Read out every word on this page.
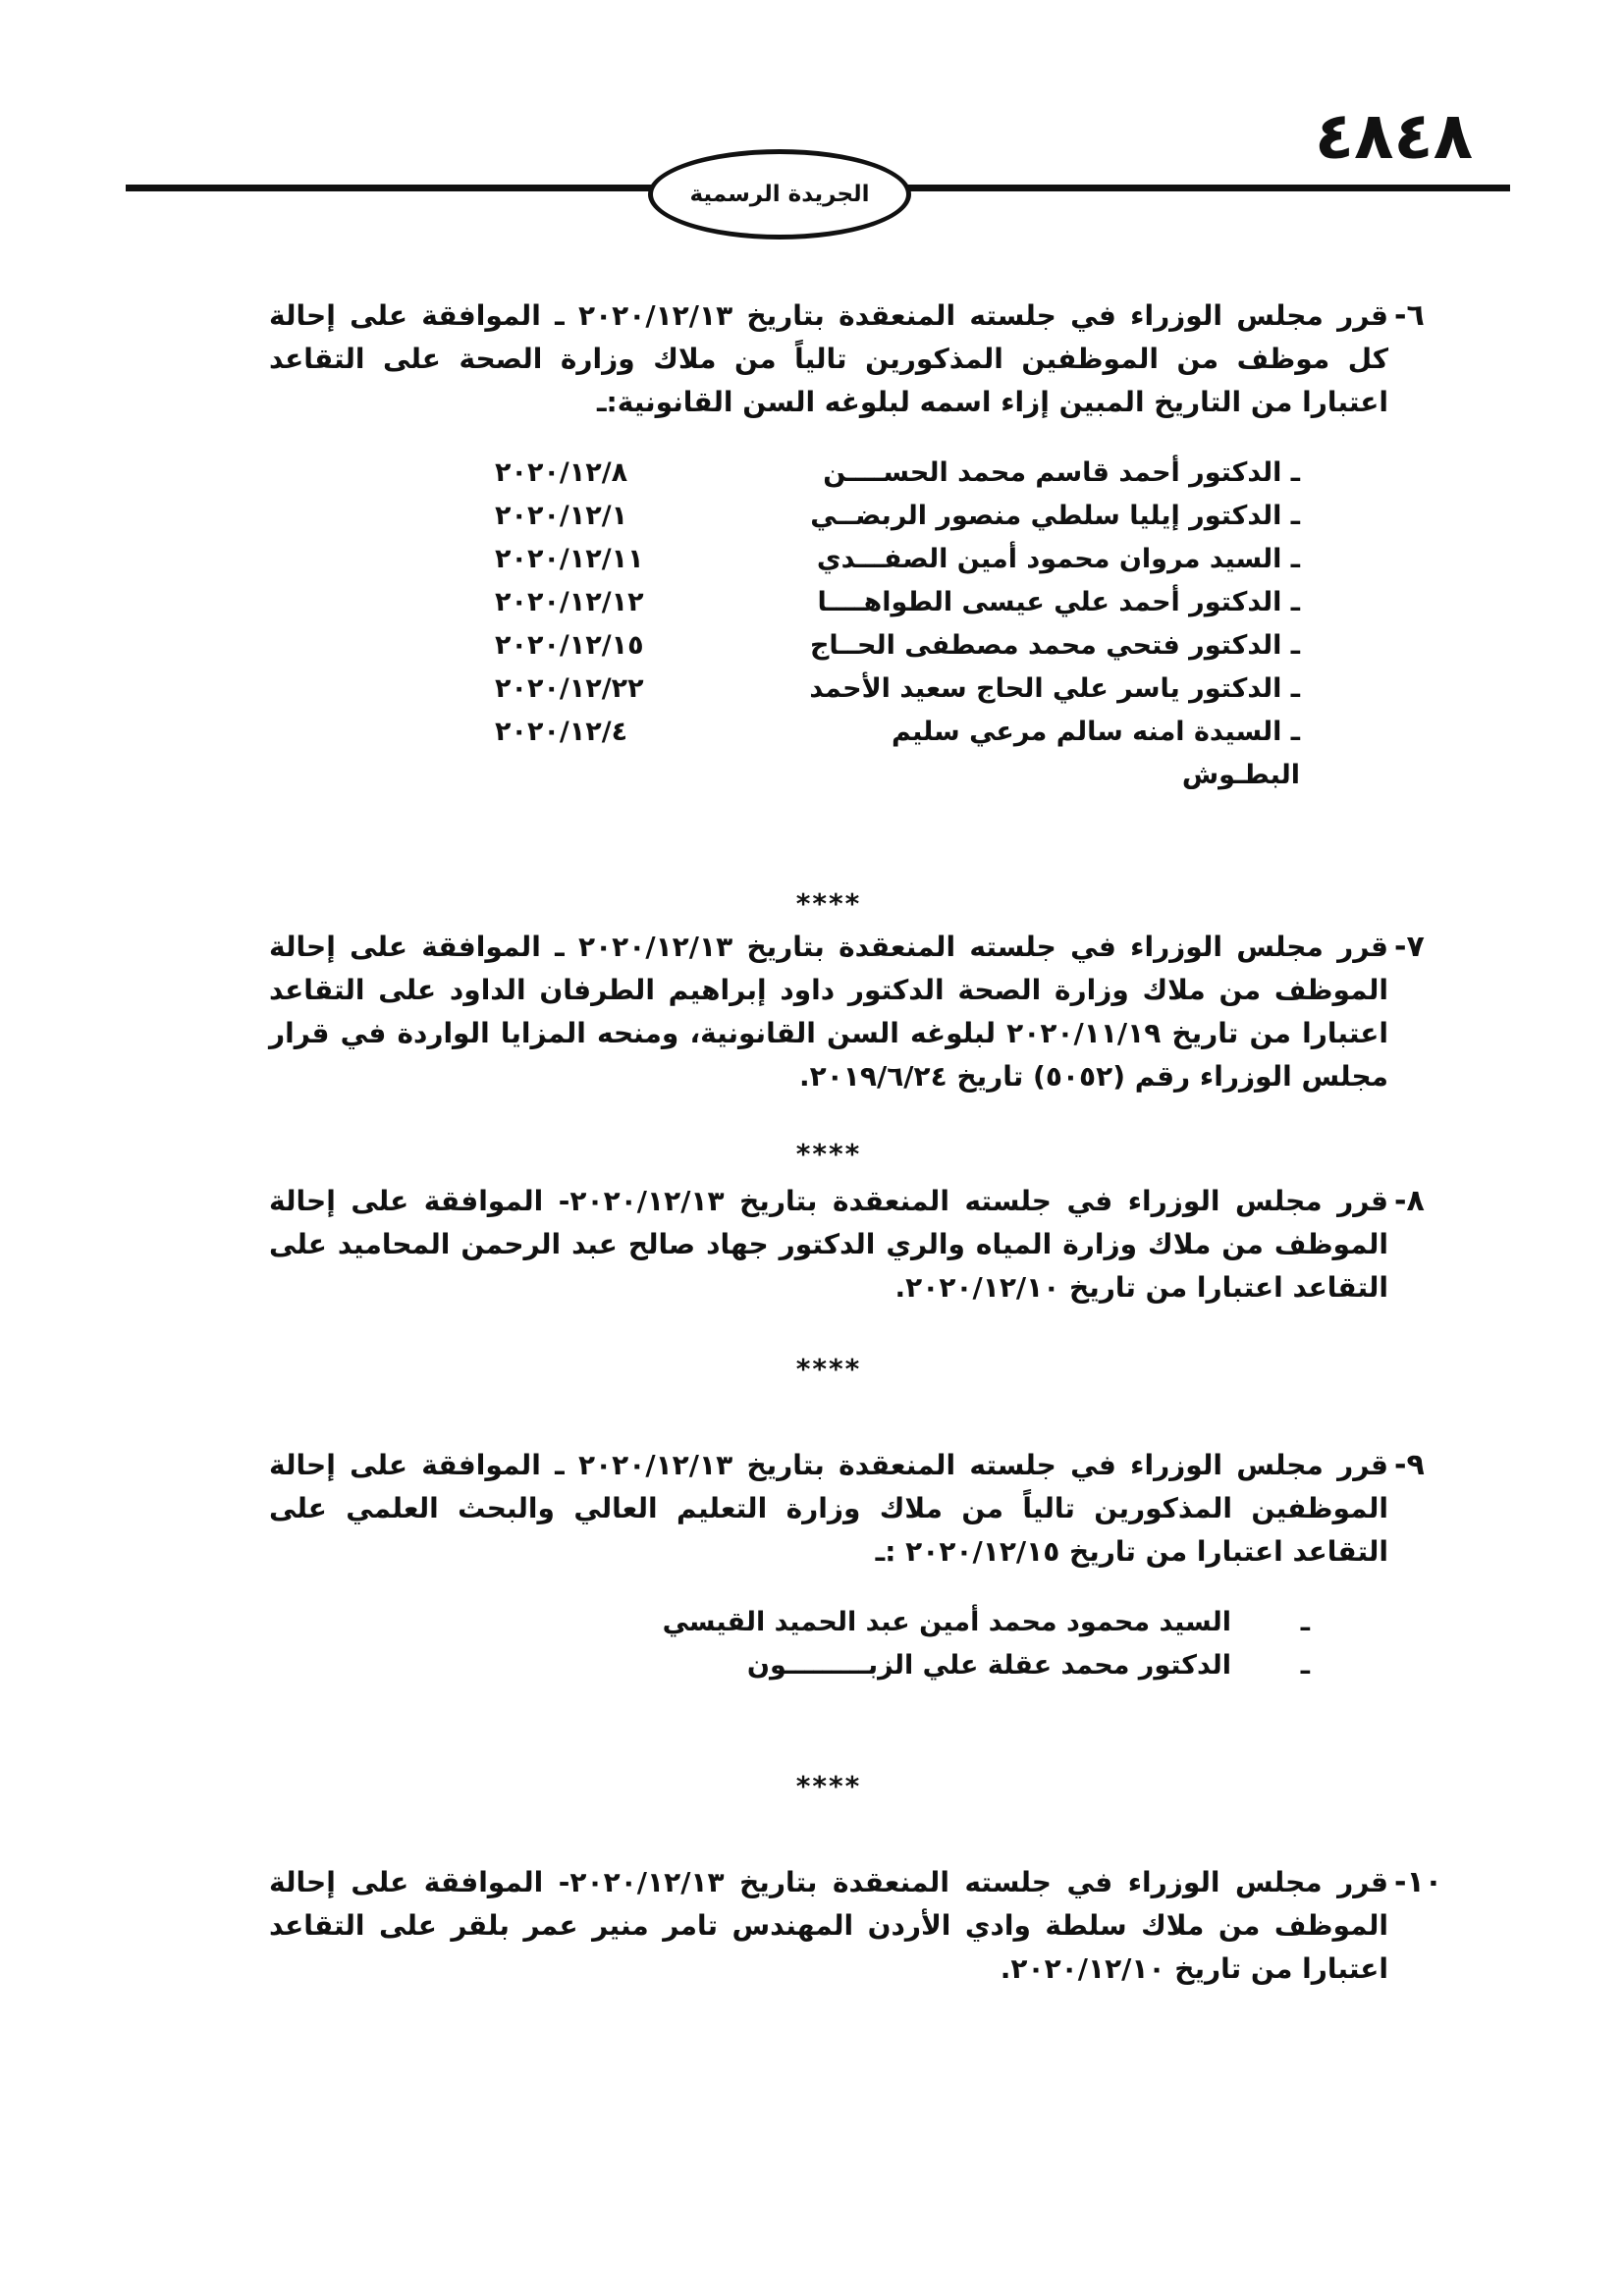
٤٨٤٨
الجريدة الرسمية
٦-
قرر مجلس الوزراء في جلسته المنعقدة بتاريخ ٢٠٢٠/١٢/١٣ ـ الموافقة على إحالة كل موظف من الموظفين المذكورين تالياً من ملاك وزارة الصحة على التقاعد اعتبارا من التاريخ المبين إزاء اسمه لبلوغه السن القانونية:ـ
ـ الدكتور أحمد قاسم محمد الحســــن
٢٠٢٠/١٢/٨
ـ الدكتور إيليا سلطي منصور الربضــي
٢٠٢٠/١٢/١
ـ السيد مروان محمود أمين الصفـــدي
٢٠٢٠/١٢/١١
ـ الدكتور أحمد علي عيسى الطواهــــا
٢٠٢٠/١٢/١٢
ـ الدكتور فتحي محمد مصطفى الحــاج
٢٠٢٠/١٢/١٥
ـ الدكتور ياسر علي الحاج سعيد الأحمد
٢٠٢٠/١٢/٢٢
ـ السيدة امنه سالم مرعي سليم البطـوش
٢٠٢٠/١٢/٤
****
٧-
قرر مجلس الوزراء في جلسته المنعقدة بتاريخ ٢٠٢٠/١٢/١٣ ـ الموافقة على إحالة الموظف من ملاك وزارة الصحة الدكتور داود إبراهيم الطرفان الداود على التقاعد اعتبارا من تاريخ ٢٠٢٠/١١/١٩ لبلوغه السن القانونية، ومنحه المزايا الواردة في قرار مجلس الوزراء رقم (٥٠٥٢) تاريخ ٢٠١٩/٦/٢٤.
****
٨-
قرر مجلس الوزراء في جلسته المنعقدة بتاريخ ٢٠٢٠/١٢/١٣- الموافقة على إحالة الموظف من ملاك وزارة المياه والري الدكتور جهاد صالح عبد الرحمن المحاميد على التقاعد اعتبارا من تاريخ ٢٠٢٠/١٢/١٠.
****
٩-
قرر مجلس الوزراء في جلسته المنعقدة بتاريخ ٢٠٢٠/١٢/١٣ ـ الموافقة على إحالة الموظفين المذكورين تالياً من ملاك وزارة التعليم العالي والبحث العلمي على التقاعد اعتبارا من تاريخ ٢٠٢٠/١٢/١٥ :ـ
ـالسيد محمود محمد أمين عبد الحميد القيسي
ـالدكتور محمد عقلة علي الزبـــــــــون
****
١٠-
قرر مجلس الوزراء في جلسته المنعقدة بتاريخ ٢٠٢٠/١٢/١٣- الموافقة على إحالة الموظف من ملاك سلطة وادي الأردن المهندس تامر منير عمر بلقر على التقاعد اعتبارا من تاريخ ٢٠٢٠/١٢/١٠.
